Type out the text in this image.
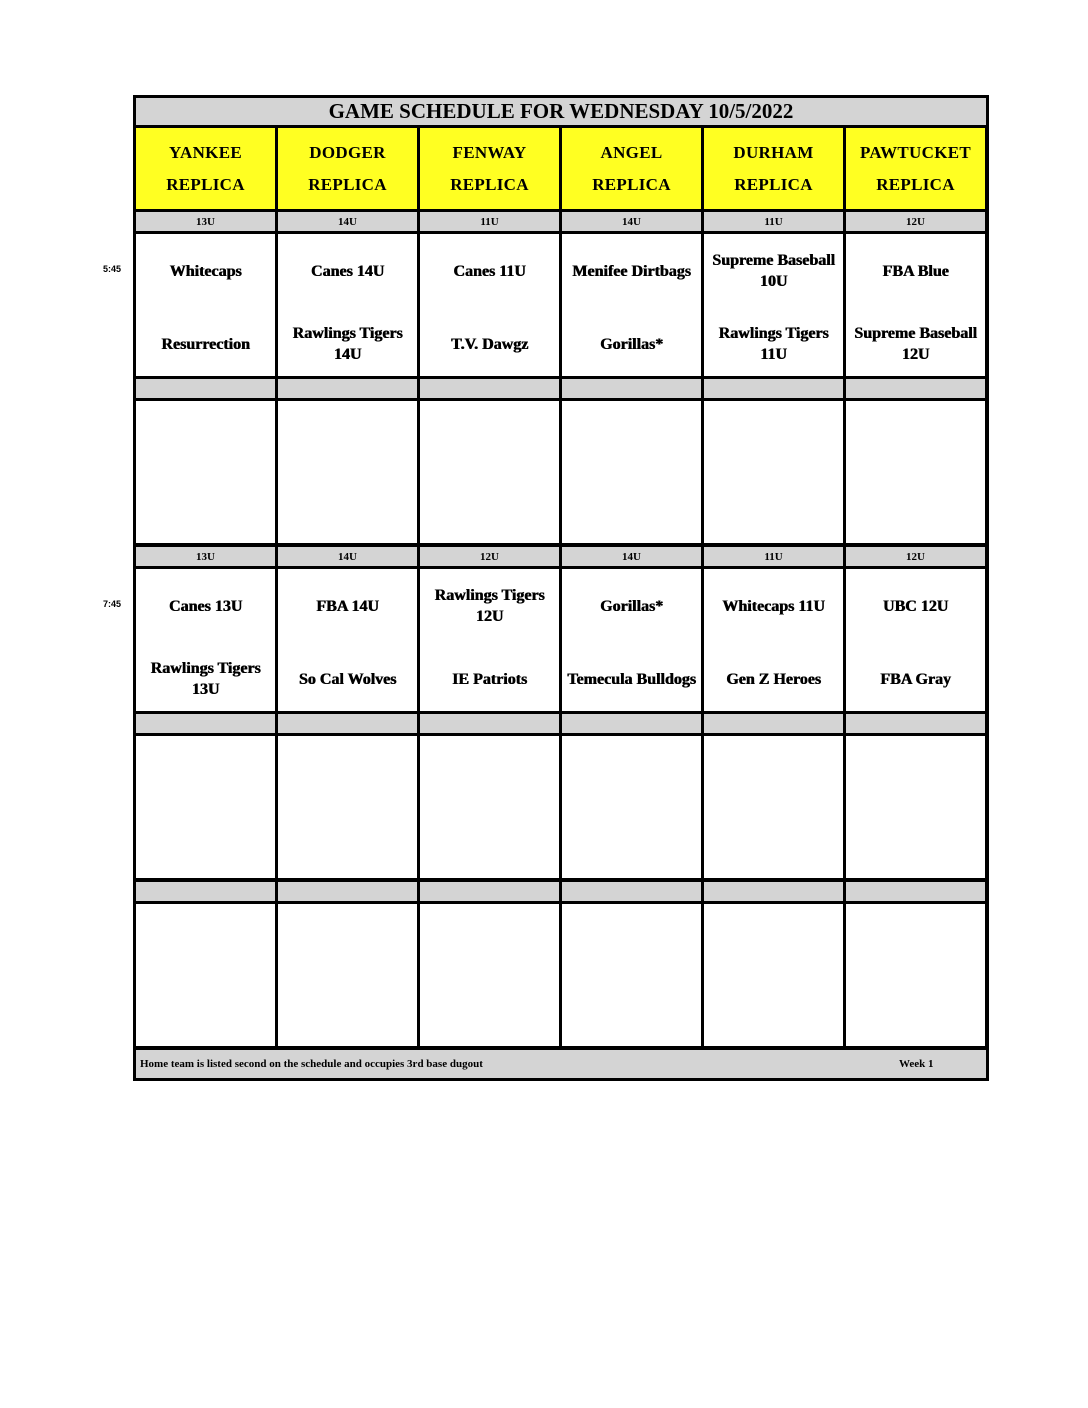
5:45
7:45
GAME SCHEDULE FOR WEDNESDAY 10/5/2022
YANKEE
REPLICA
DODGER
REPLICA
FENWAY
REPLICA
ANGEL
REPLICA
DURHAM
REPLICA
PAWTUCKET
REPLICA
13U
Whitecaps
Resurrection
14U
Canes 14U
Rawlings Tigers 14U
11U
Canes 11U
T.V. Dawgz
14U
Menifee Dirtbags
Gorillas*
11U
Supreme Baseball 10U
Rawlings Tigers 11U
12U
FBA Blue
Supreme Baseball 12U
13U
Canes 13U
Rawlings Tigers 13U
14U
FBA 14U
So Cal Wolves
12U
Rawlings Tigers 12U
IE Patriots
14U
Gorillas*
Temecula Bulldogs
11U
Whitecaps 11U
Gen Z Heroes
12U
UBC 12U
FBA Gray
Home team is listed second on the schedule and occupies 3rd base dugout	Week 1
